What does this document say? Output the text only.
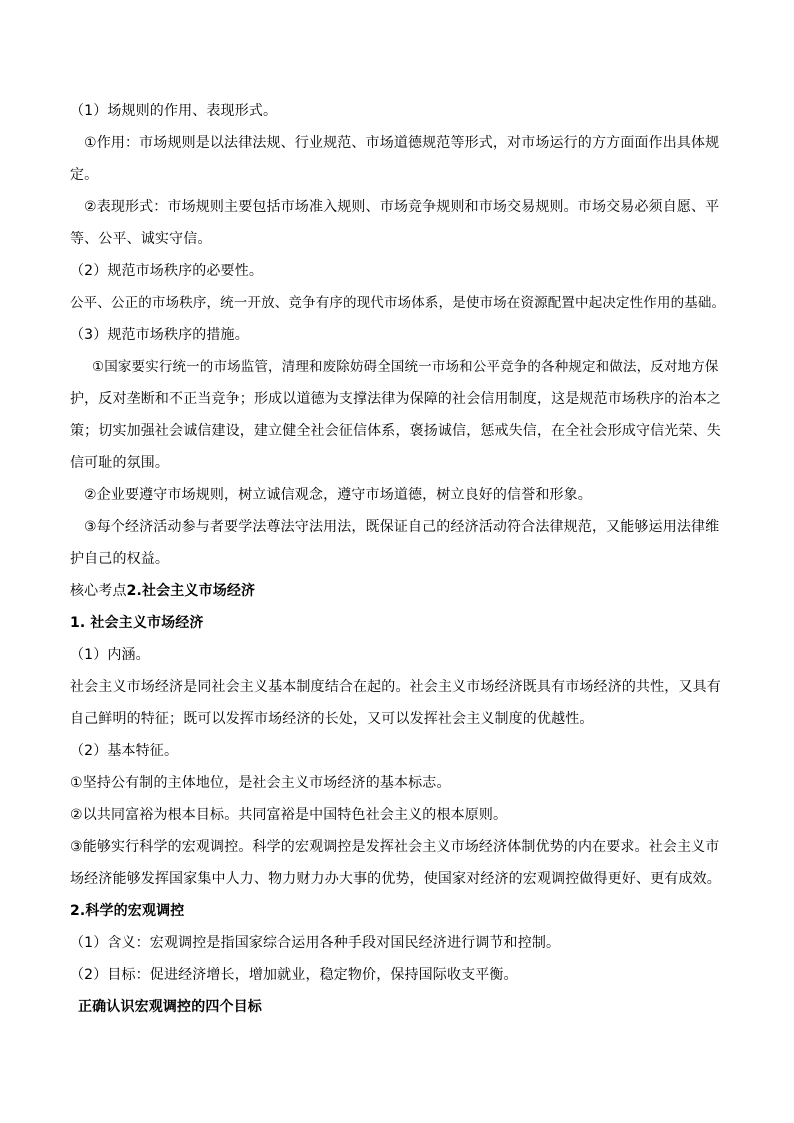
（1）场规则的作用、表现形式。
①作用：市场规则是以法律法规、行业规范、市场道德规范等形式，对市场运行的方方面面作出具体规
定。
②表现形式：市场规则主要包括市场准入规则、市场竞争规则和市场交易规则。市场交易必须自愿、平
等、公平、诚实守信。
（2）规范市场秩序的必要性。
公平、公正的市场秩序，统一开放、竞争有序的现代市场体系，是使市场在资源配置中起决定性作用的基础。
（3）规范市场秩序的措施。
①国家要实行统一的市场监管，清理和废除妨碍全国统一市场和公平竞争的各种规定和做法，反对地方保
护，反对垄断和不正当竞争；形成以道德为支撑法律为保障的社会信用制度，这是规范市场秩序的治本之
策；切实加强社会诚信建设，建立健全社会征信体系，褒扬诚信，惩戒失信，在全社会形成守信光荣、失
信可耻的氛围。
②企业要遵守市场规则，树立诚信观念，遵守市场道德，树立良好的信誉和形象。
③每个经济活动参与者要学法尊法守法用法，既保证自己的经济活动符合法律规范，又能够运用法律维
护自己的权益。
核心考点2.社会主义市场经济
1. 社会主义市场经济
（1）内涵。
社会主义市场经济是同社会主义基本制度结合在起的。社会主义市场经济既具有市场经济的共性，又具有
自己鲜明的特征；既可以发挥市场经济的长处，又可以发挥社会主义制度的优越性。
（2）基本特征。
①坚持公有制的主体地位，是社会主义市场经济的基本标志。
②以共同富裕为根本目标。共同富裕是中国特色社会主义的根本原则。
③能够实行科学的宏观调控。科学的宏观调控是发挥社会主义市场经济体制优势的内在要求。社会主义市
场经济能够发挥国家集中人力、物力财力办大事的优势，使国家对经济的宏观调控做得更好、更有成效。
2.科学的宏观调控
（1）含义：宏观调控是指国家综合运用各种手段对国民经济进行调节和控制。
（2）目标：促进经济增长，增加就业，稳定物价，保持国际收支平衡。
正确认识宏观调控的四个目标
